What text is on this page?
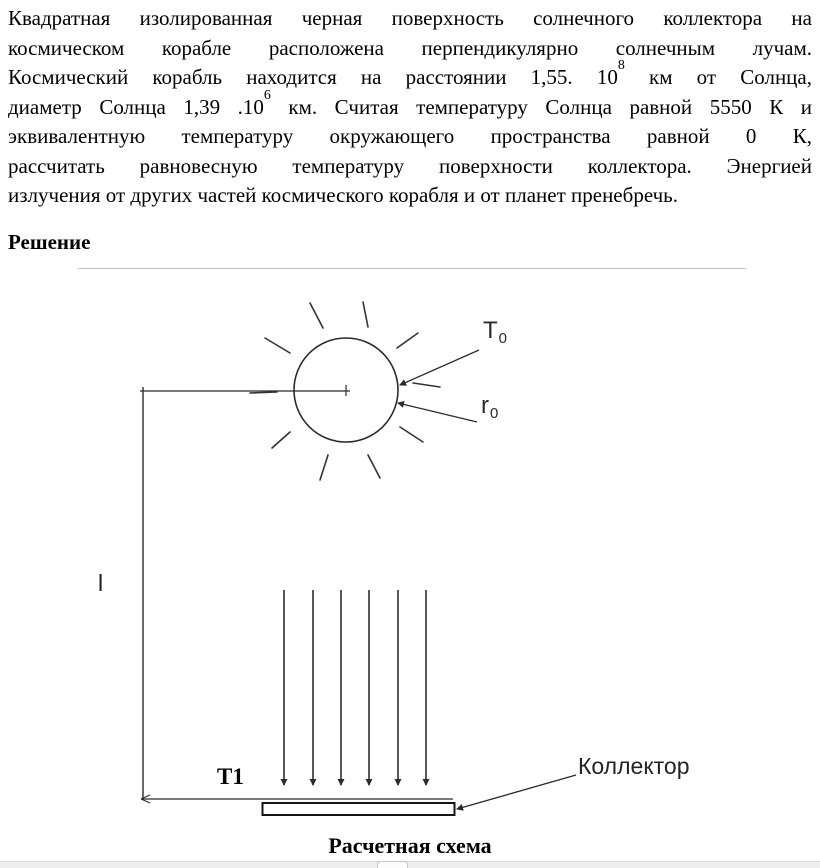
Квадратная изолированная черная поверхность солнечного коллектора на
космическом корабле расположена перпендикулярно солнечным лучам.
Космический корабль находится на расстоянии 1,55. $10^8$ км от Солнца,
диаметр Солнца 1,39 $.10^6$ км. Считая температуру Солнца равной 5550 К и
эквивалентную температуру окружающего пространства равной 0 К,
рассчитать равновесную температуру поверхности коллектора. Энергией
излучения от других частей космического корабля и от планет пренебречь.
Решение
$T_0$
$r_0$
l
T1	Коллектор
Расчетная схема
